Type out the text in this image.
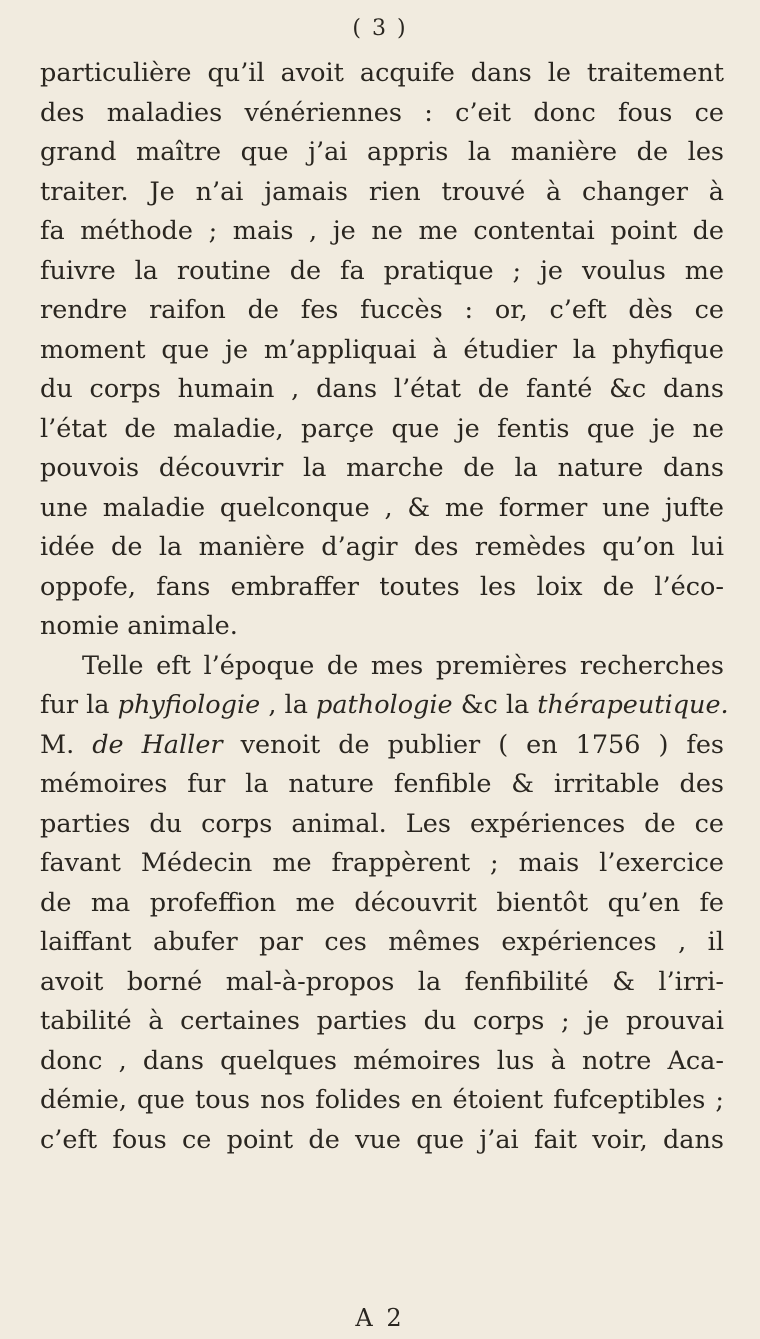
( 3 )
particulière qu’il avoit acquife dans le traitement
des maladies vénériennes : c’eit donc fous ce
grand maître que j’ai appris la manière de les
traiter. Je n’ai jamais rien trouvé à changer à
fa méthode ; mais , je ne me contentai point de
fuivre la routine de fa pratique ; je voulus me
rendre raifon de fes fuccès : or, c’eft dès ce
moment que je m’appliquai à étudier la phyfique
du corps humain , dans l’état de fanté &c dans
l’état de maladie, parçe que je fentis que je ne
pouvois découvrir la marche de la nature dans
une maladie quelconque , & me former une jufte
idée de la manière d’agir des remèdes qu’on lui
oppofe, fans embraffer toutes les loix de l’éco-
nomie animale.
Telle eft l’époque de mes premières recherches
fur la phyfiologie , la pathologie &c la thérapeutique.
M. de Haller venoit de publier ( en 1756 ) fes
mémoires fur la nature fenfible & irritable des
parties du corps animal. Les expériences de ce
favant Médecin me frappèrent ; mais l’exercice
de ma profeffion me découvrit bientôt qu’en fe
laiffant abufer par ces mêmes expériences , il
avoit borné mal-à-propos la fenfibilité & l’irri-
tabilité à certaines parties du corps ; je prouvai
donc , dans quelques mémoires lus à notre Aca-
démie, que tous nos folides en étoient fufceptibles ;
c’eft fous ce point de vue que j’ai fait voir, dans
A 2
